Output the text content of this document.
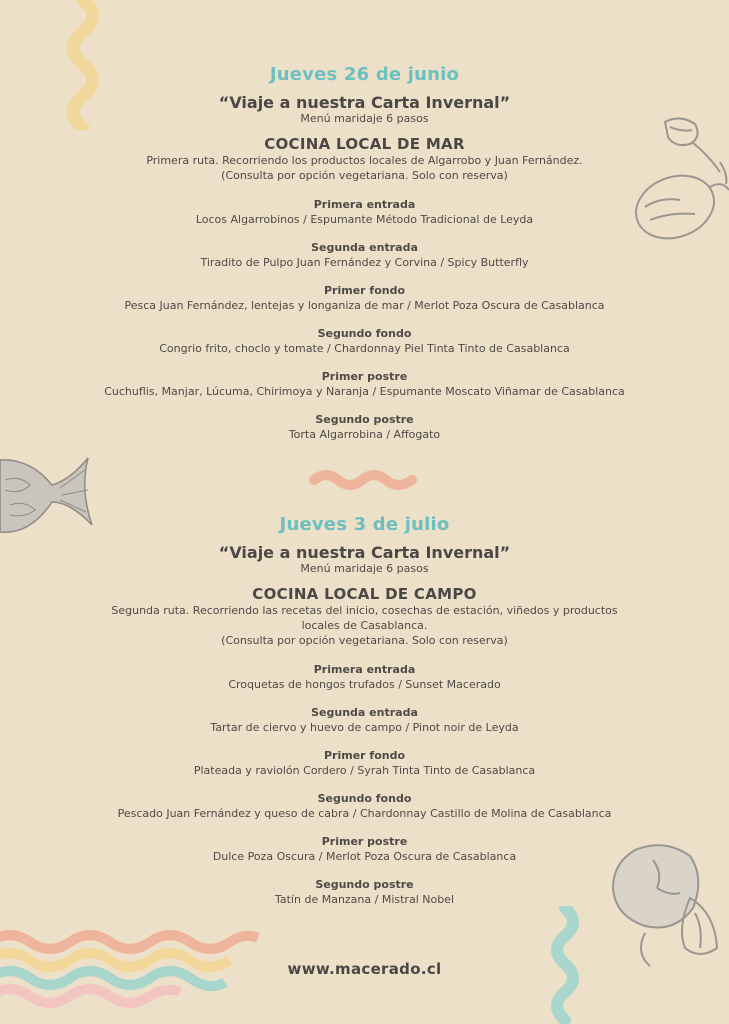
Jueves 26 de junio
“Viaje a nuestra Carta Invernal”
Menú maridaje 6 pasos
COCINA LOCAL DE MAR
Primera ruta. Recorriendo los productos locales de Algarrobo y Juan Fernández.
(Consulta por opción vegetariana. Solo con reserva)
Primera entrada
Locos Algarrobinos / Espumante Método Tradicional de Leyda
Segunda entrada
Tiradito de Pulpo Juan Fernández y Corvina / Spicy Butterfly
Primer fondo
Pesca Juan Fernández, lentejas y longaniza de mar / Merlot Poza Oscura de Casablanca
Segundo fondo
Congrio frito, choclo y tomate / Chardonnay Piel Tinta Tinto de Casablanca
Primer postre
Cuchuflis, Manjar, Lúcuma, Chirimoya y Naranja / Espumante Moscato Viñamar de Casablanca
Segundo postre
Torta Algarrobina / Affogato
Jueves 3 de julio
“Viaje a nuestra Carta Invernal”
Menú maridaje 6 pasos
COCINA LOCAL DE CAMPO
Segunda ruta. Recorriendo las recetas del inicio, cosechas de estación, viñedos y productos
locales de Casablanca.
(Consulta por opción vegetariana. Solo con reserva)
Primera entrada
Croquetas de hongos trufados / Sunset Macerado
Segunda entrada
Tartar de ciervo y huevo de campo / Pinot noir de Leyda
Primer fondo
Plateada y raviolón Cordero / Syrah Tinta Tinto de Casablanca
Segundo fondo
Pescado Juan Fernández y queso de cabra / Chardonnay Castillo de Molina de Casablanca
Primer postre
Dulce Poza Oscura / Merlot Poza Oscura de Casablanca
Segundo postre
Tatín de Manzana / Mistral Nobel
www.macerado.cl
